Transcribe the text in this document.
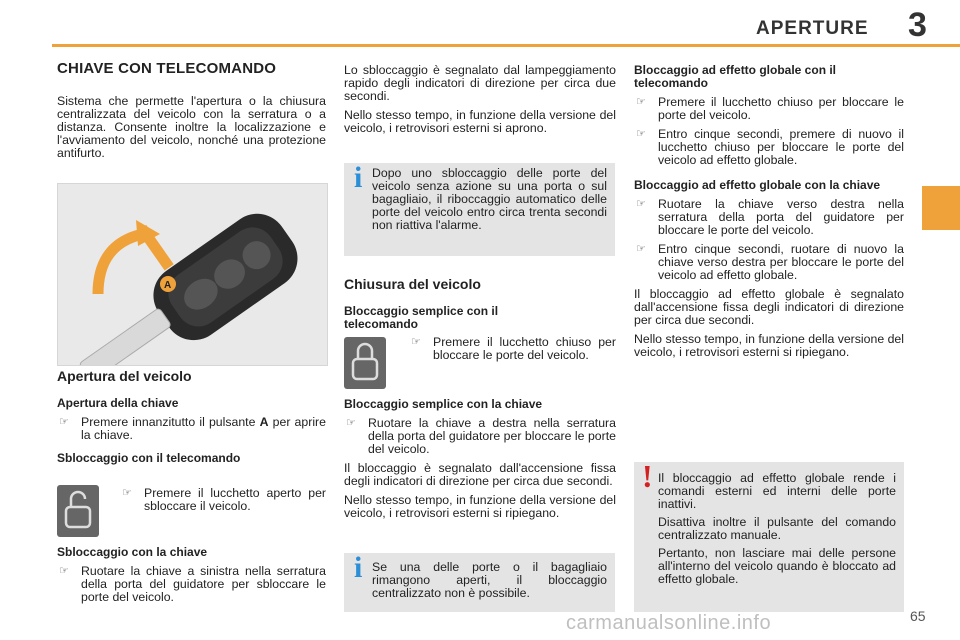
APERTURE 3
CHIAVE CON TELECOMANDO

Sistema che permette l'apertura o la chiusura centralizzata del veicolo con la serratura o a distanza. Consente inoltre la localizzazione e l'avviamento del veicolo, nonché una protezione antifurto.

A
Apertura del veicolo
Apertura della chiave
☞ Premere innanzitutto il pulsante A per aprire la chiave.
Sbloccaggio con il telecomando
☞ Premere il lucchetto aperto per sbloccare il veicolo.
Sbloccaggio con la chiave
☞ Ruotare la chiave a sinistra nella serratura della porta del guidatore per sbloccare le porte del veicolo.

Lo sbloccaggio è segnalato dal lampeggiamento rapido degli indicatori di direzione per circa due secondi.

Nello stesso tempo, in funzione della versione del veicolo, i retrovisori esterni si aprono.

i Dopo uno sbloccaggio delle porte del veicolo senza azione su una porta o sul bagagliaio, il riboccaggio automatico delle porte del veicolo entro circa trenta secondi non riattiva l'alarme.

Chiusura del veicolo
Bloccaggio semplice con il telecomando
☞ Premere il lucchetto chiuso per bloccare le porte del veicolo.
Bloccaggio semplice con la chiave
☞ Ruotare la chiave a destra nella serratura della porta del guidatore per bloccare le porte del veicolo.

Il bloccaggio è segnalato dall'accensione fissa degli indicatori di direzione per circa due secondi.

Nello stesso tempo, in funzione della versione del veicolo, i retrovisori esterni si ripiegano.

i Se una delle porte o il bagagliaio rimangono aperti, il bloccaggio centralizzato non è possibile.

Bloccaggio ad effetto globale con il telecomando
☞ Premere il lucchetto chiuso per bloccare le porte del veicolo.
☞ Entro cinque secondi, premere di nuovo il lucchetto chiuso per bloccare le porte del veicolo ad effetto globale.
Bloccaggio ad effetto globale con la chiave
☞ Ruotare la chiave verso destra nella serratura della porta del guidatore per bloccare le porte del veicolo.
☞ Entro cinque secondi, ruotare di nuovo la chiave verso destra per bloccare le porte del veicolo ad effetto globale.

Il bloccaggio ad effetto globale è segnalato dall'accensione fissa degli indicatori di direzione per circa due secondi.

Nello stesso tempo, in funzione della versione del veicolo, i retrovisori esterni si ripiegano.

! Il bloccaggio ad effetto globale rende i comandi esterni ed interni delle porte inattivi.

Disattiva inoltre il pulsante del comando centralizzato manuale.

Pertanto, non lasciare mai delle persone all'interno del veicolo quando è bloccato ad effetto globale.

65
carmanualsonline.info
